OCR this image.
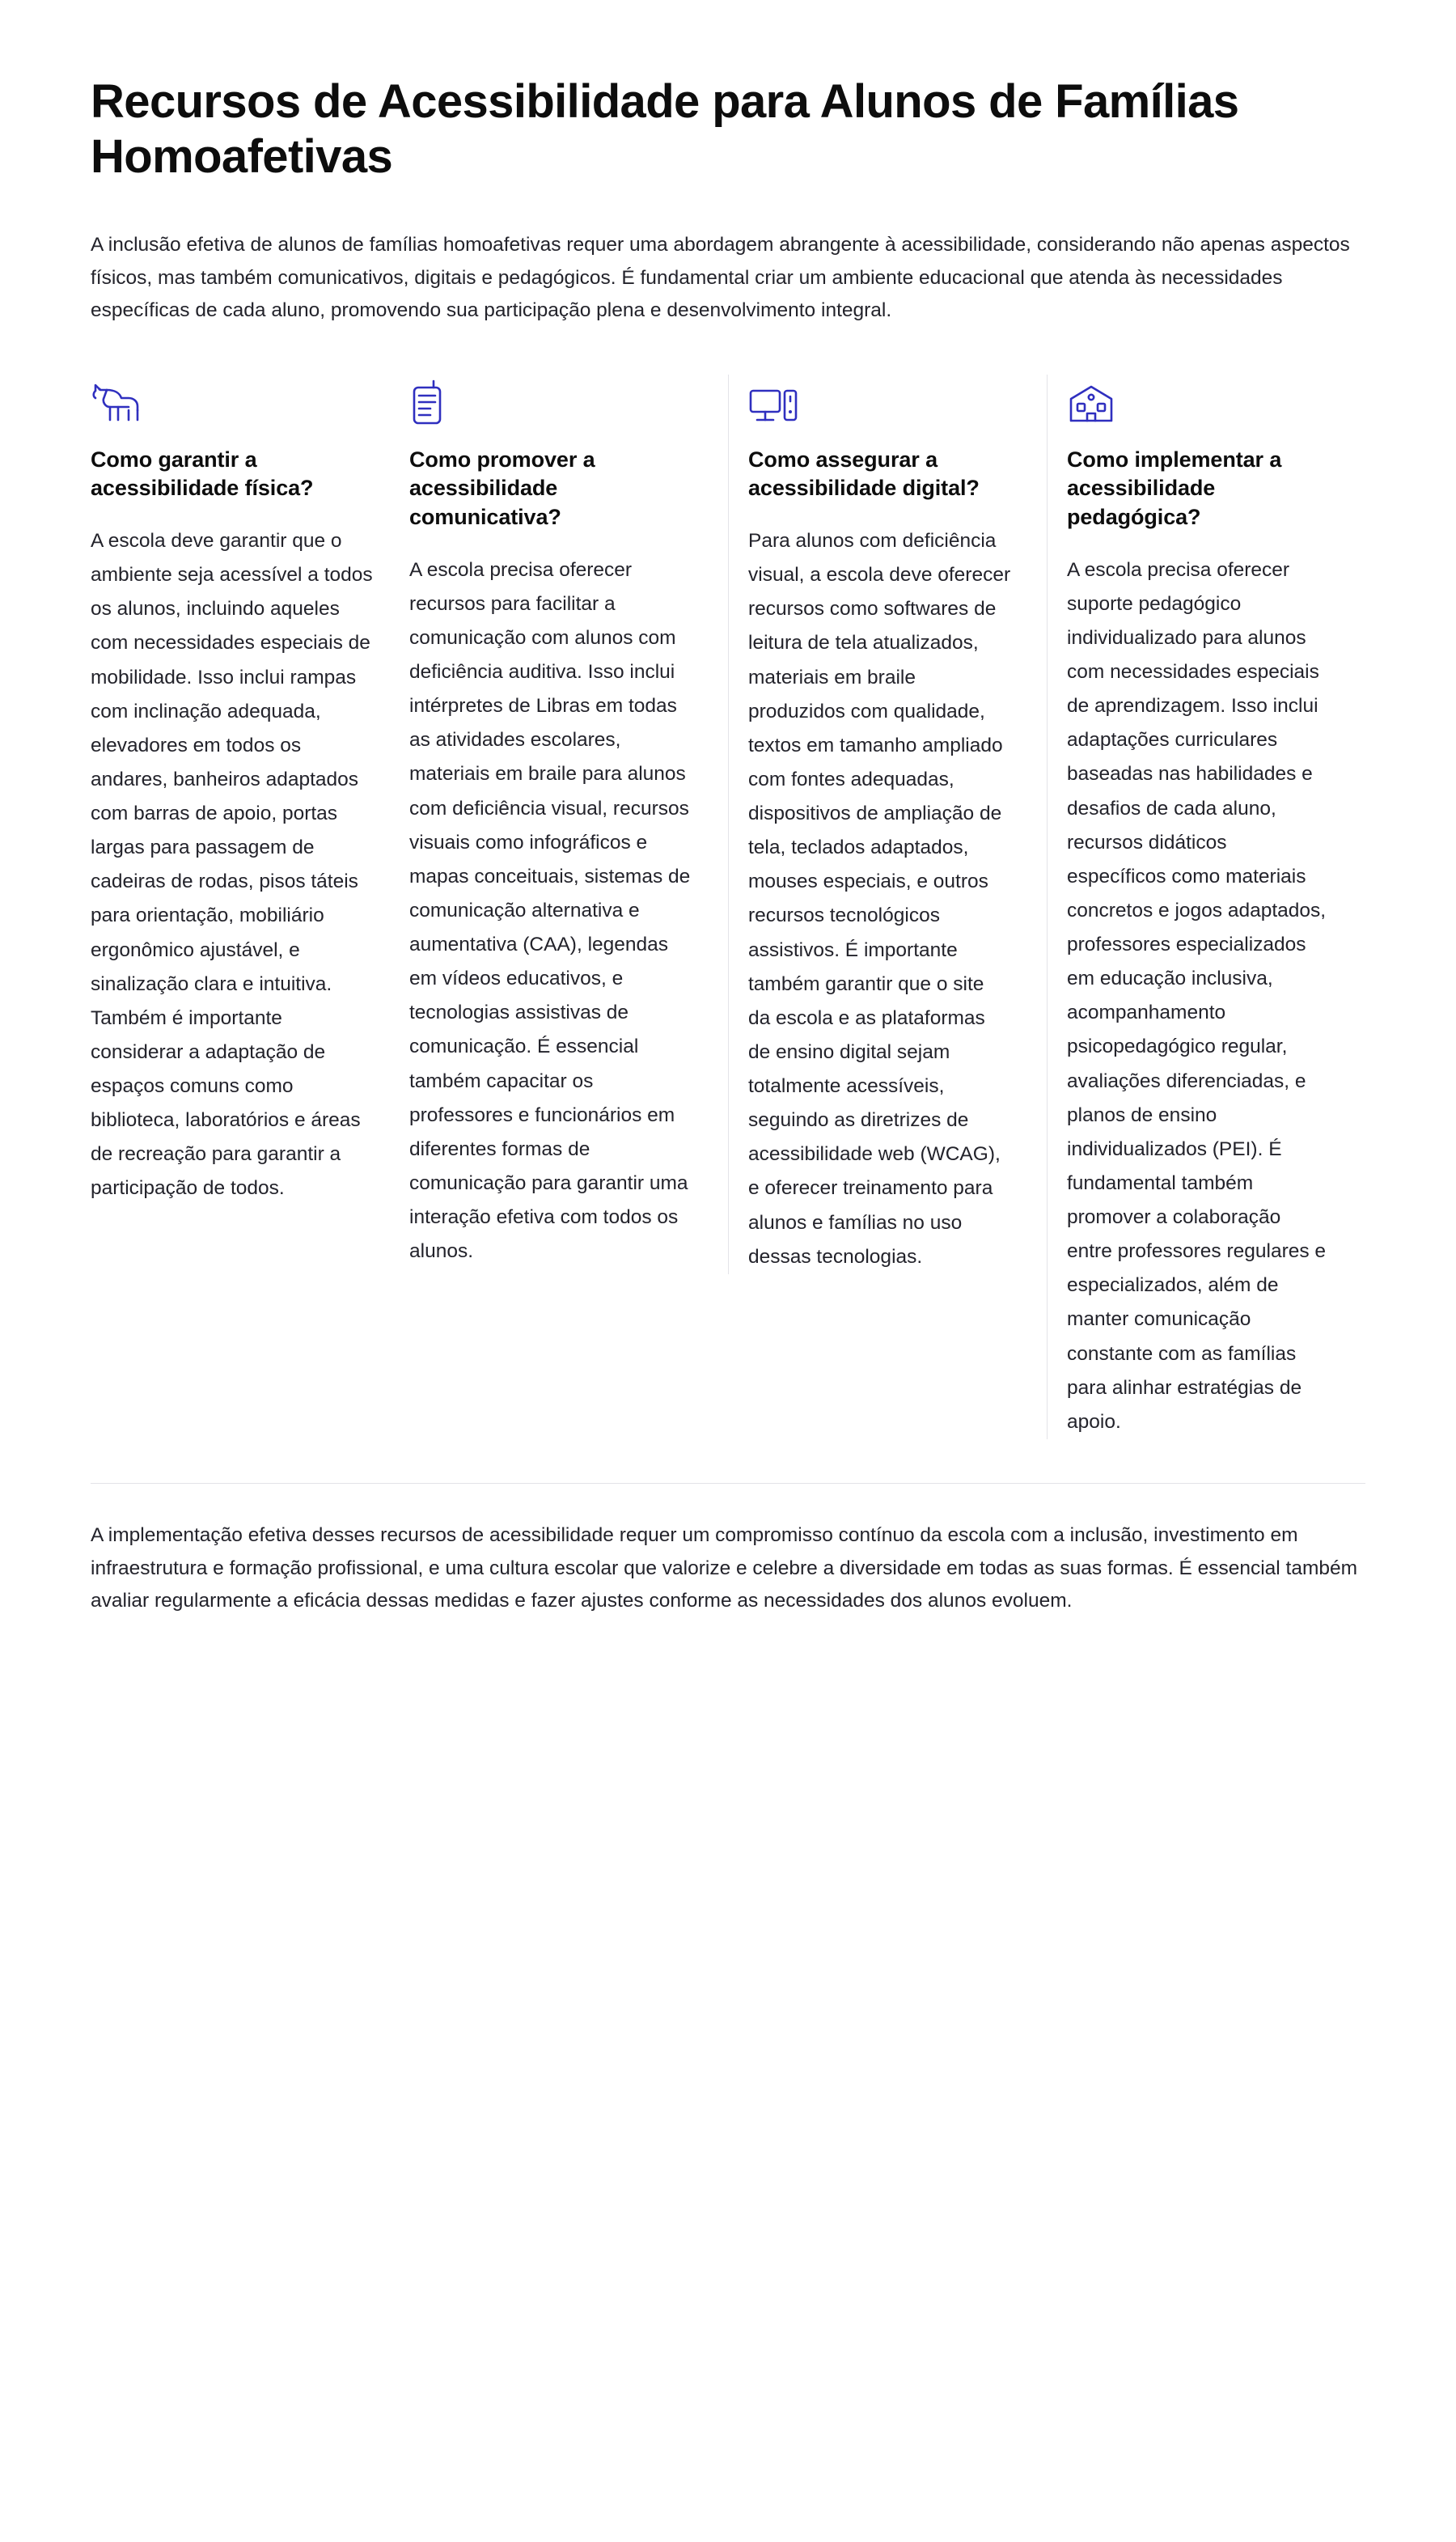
Recursos de Acessibilidade para Alunos de Famílias Homoafetivas

A inclusão efetiva de alunos de famílias homoafetivas requer uma abordagem abrangente à acessibilidade, considerando não apenas aspectos físicos, mas também comunicativos, digitais e pedagógicos. É fundamental criar um ambiente educacional que atenda às necessidades específicas de cada aluno, promovendo sua participação plena e desenvolvimento integral.

Como garantir a acessibilidade física?

A escola deve garantir que o ambiente seja acessível a todos os alunos, incluindo aqueles com necessidades especiais de mobilidade. Isso inclui rampas com inclinação adequada, elevadores em todos os andares, banheiros adaptados com barras de apoio, portas largas para passagem de cadeiras de rodas, pisos táteis para orientação, mobiliário ergonômico ajustável, e sinalização clara e intuitiva. Também é importante considerar a adaptação de espaços comuns como biblioteca, laboratórios e áreas de recreação para garantir a participação de todos.

Como promover a acessibilidade comunicativa?

A escola precisa oferecer recursos para facilitar a comunicação com alunos com deficiência auditiva. Isso inclui intérpretes de Libras em todas as atividades escolares, materiais em braile para alunos com deficiência visual, recursos visuais como infográficos e mapas conceituais, sistemas de comunicação alternativa e aumentativa (CAA), legendas em vídeos educativos, e tecnologias assistivas de comunicação. É essencial também capacitar os professores e funcionários em diferentes formas de comunicação para garantir uma interação efetiva com todos os alunos.

Como assegurar a acessibilidade digital?

Para alunos com deficiência visual, a escola deve oferecer recursos como softwares de leitura de tela atualizados, materiais em braile produzidos com qualidade, textos em tamanho ampliado com fontes adequadas, dispositivos de ampliação de tela, teclados adaptados, mouses especiais, e outros recursos tecnológicos assistivos. É importante também garantir que o site da escola e as plataformas de ensino digital sejam totalmente acessíveis, seguindo as diretrizes de acessibilidade web (WCAG), e oferecer treinamento para alunos e famílias no uso dessas tecnologias.

Como implementar a acessibilidade pedagógica?

A escola precisa oferecer suporte pedagógico individualizado para alunos com necessidades especiais de aprendizagem. Isso inclui adaptações curriculares baseadas nas habilidades e desafios de cada aluno, recursos didáticos específicos como materiais concretos e jogos adaptados, professores especializados em educação inclusiva, acompanhamento psicopedagógico regular, avaliações diferenciadas, e planos de ensino individualizados (PEI). É fundamental também promover a colaboração entre professores regulares e especializados, além de manter comunicação constante com as famílias para alinhar estratégias de apoio.

A implementação efetiva desses recursos de acessibilidade requer um compromisso contínuo da escola com a inclusão, investimento em infraestrutura e formação profissional, e uma cultura escolar que valorize e celebre a diversidade em todas as suas formas. É essencial também avaliar regularmente a eficácia dessas medidas e fazer ajustes conforme as necessidades dos alunos evoluem.
